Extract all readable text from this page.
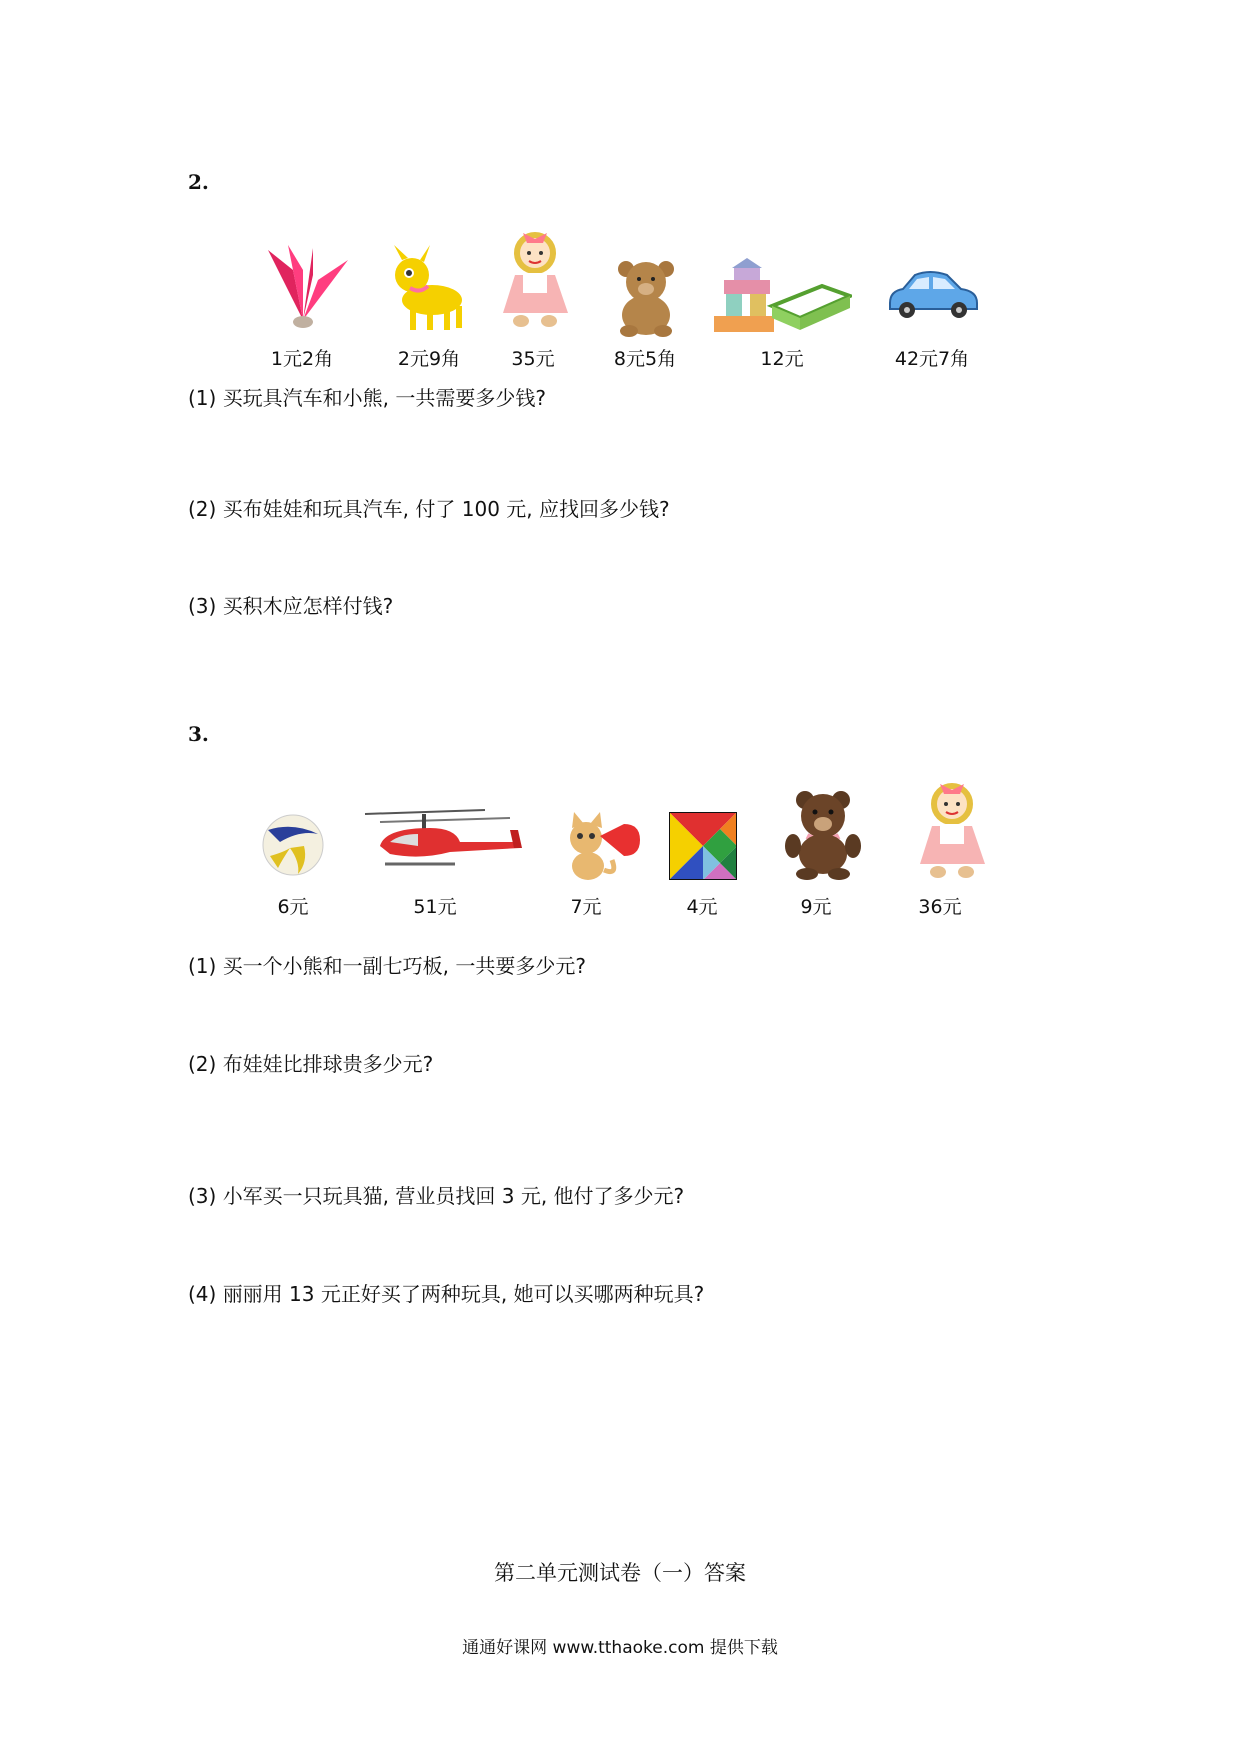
2.
1元2角	2元9角	35元	8元5角	12元	42元7角
(1) 买玩具汽车和小熊, 一共需要多少钱?
(2) 买布娃娃和玩具汽车, 付了 100 元, 应找回多少钱?
(3) 买积木应怎样付钱?
3.
6元	51元	7元	4元	9元	36元
(1) 买一个小熊和一副七巧板, 一共要多少元?
(2) 布娃娃比排球贵多少元?
(3) 小军买一只玩具猫, 营业员找回 3 元, 他付了多少元?
(4) 丽丽用 13 元正好买了两种玩具, 她可以买哪两种玩具?
第二单元测试卷（一）答案
通通好课网 www.tthaoke.com 提供下载
